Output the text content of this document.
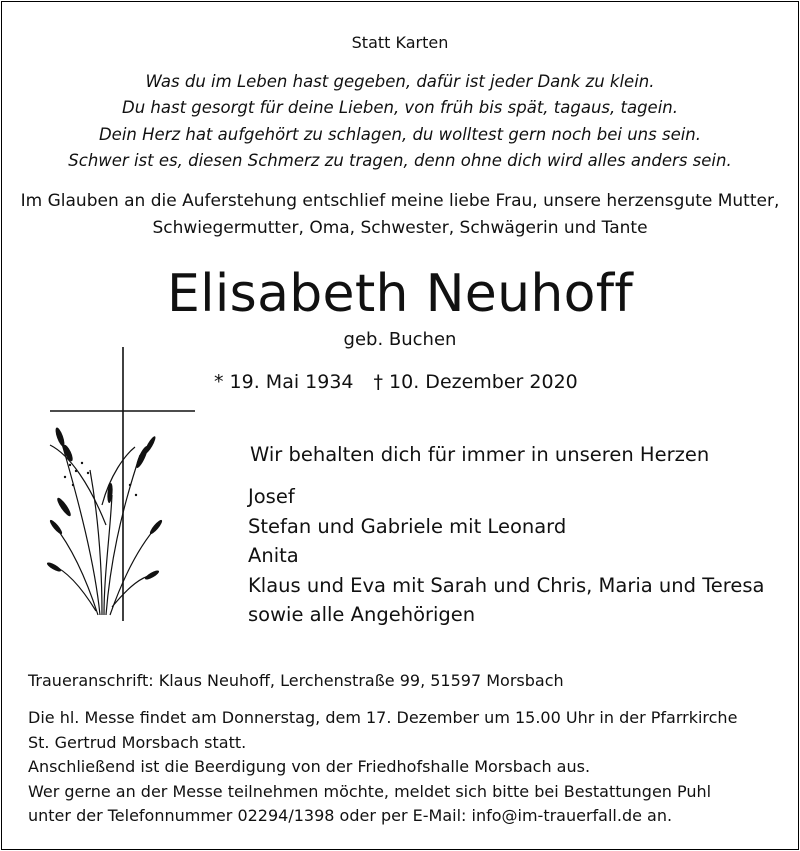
Statt Karten
Was du im Leben hast gegeben, dafür ist jeder Dank zu klein.
Du hast gesorgt für deine Lieben, von früh bis spät, tagaus, tagein.
Dein Herz hat aufgehört zu schlagen, du wolltest gern noch bei uns sein.
Schwer ist es, diesen Schmerz zu tragen, denn ohne dich wird alles anders sein.
Im Glauben an die Auferstehung entschlief meine liebe Frau, unsere herzensgute Mutter,
Schwiegermutter, Oma, Schwester, Schwägerin und Tante
Elisabeth Neuhoff
geb. Buchen
* 19. Mai 1934 † 10. Dezember 2020
Wir behalten dich für immer in unseren Herzen
Josef
Stefan und Gabriele mit Leonard
Anita
Klaus und Eva mit Sarah und Chris, Maria und Teresa
sowie alle Angehörigen
Traueranschrift: Klaus Neuhoff, Lerchenstraße 99, 51597 Morsbach
Die hl. Messe findet am Donnerstag, dem 17. Dezember um 15.00 Uhr in der Pfarrkirche
St. Gertrud Morsbach statt.
Anschließend ist die Beerdigung von der Friedhofshalle Morsbach aus.
Wer gerne an der Messe teilnehmen möchte, meldet sich bitte bei Bestattungen Puhl
unter der Telefonnummer 02294/1398 oder per E-Mail: info@im-trauerfall.de an.
